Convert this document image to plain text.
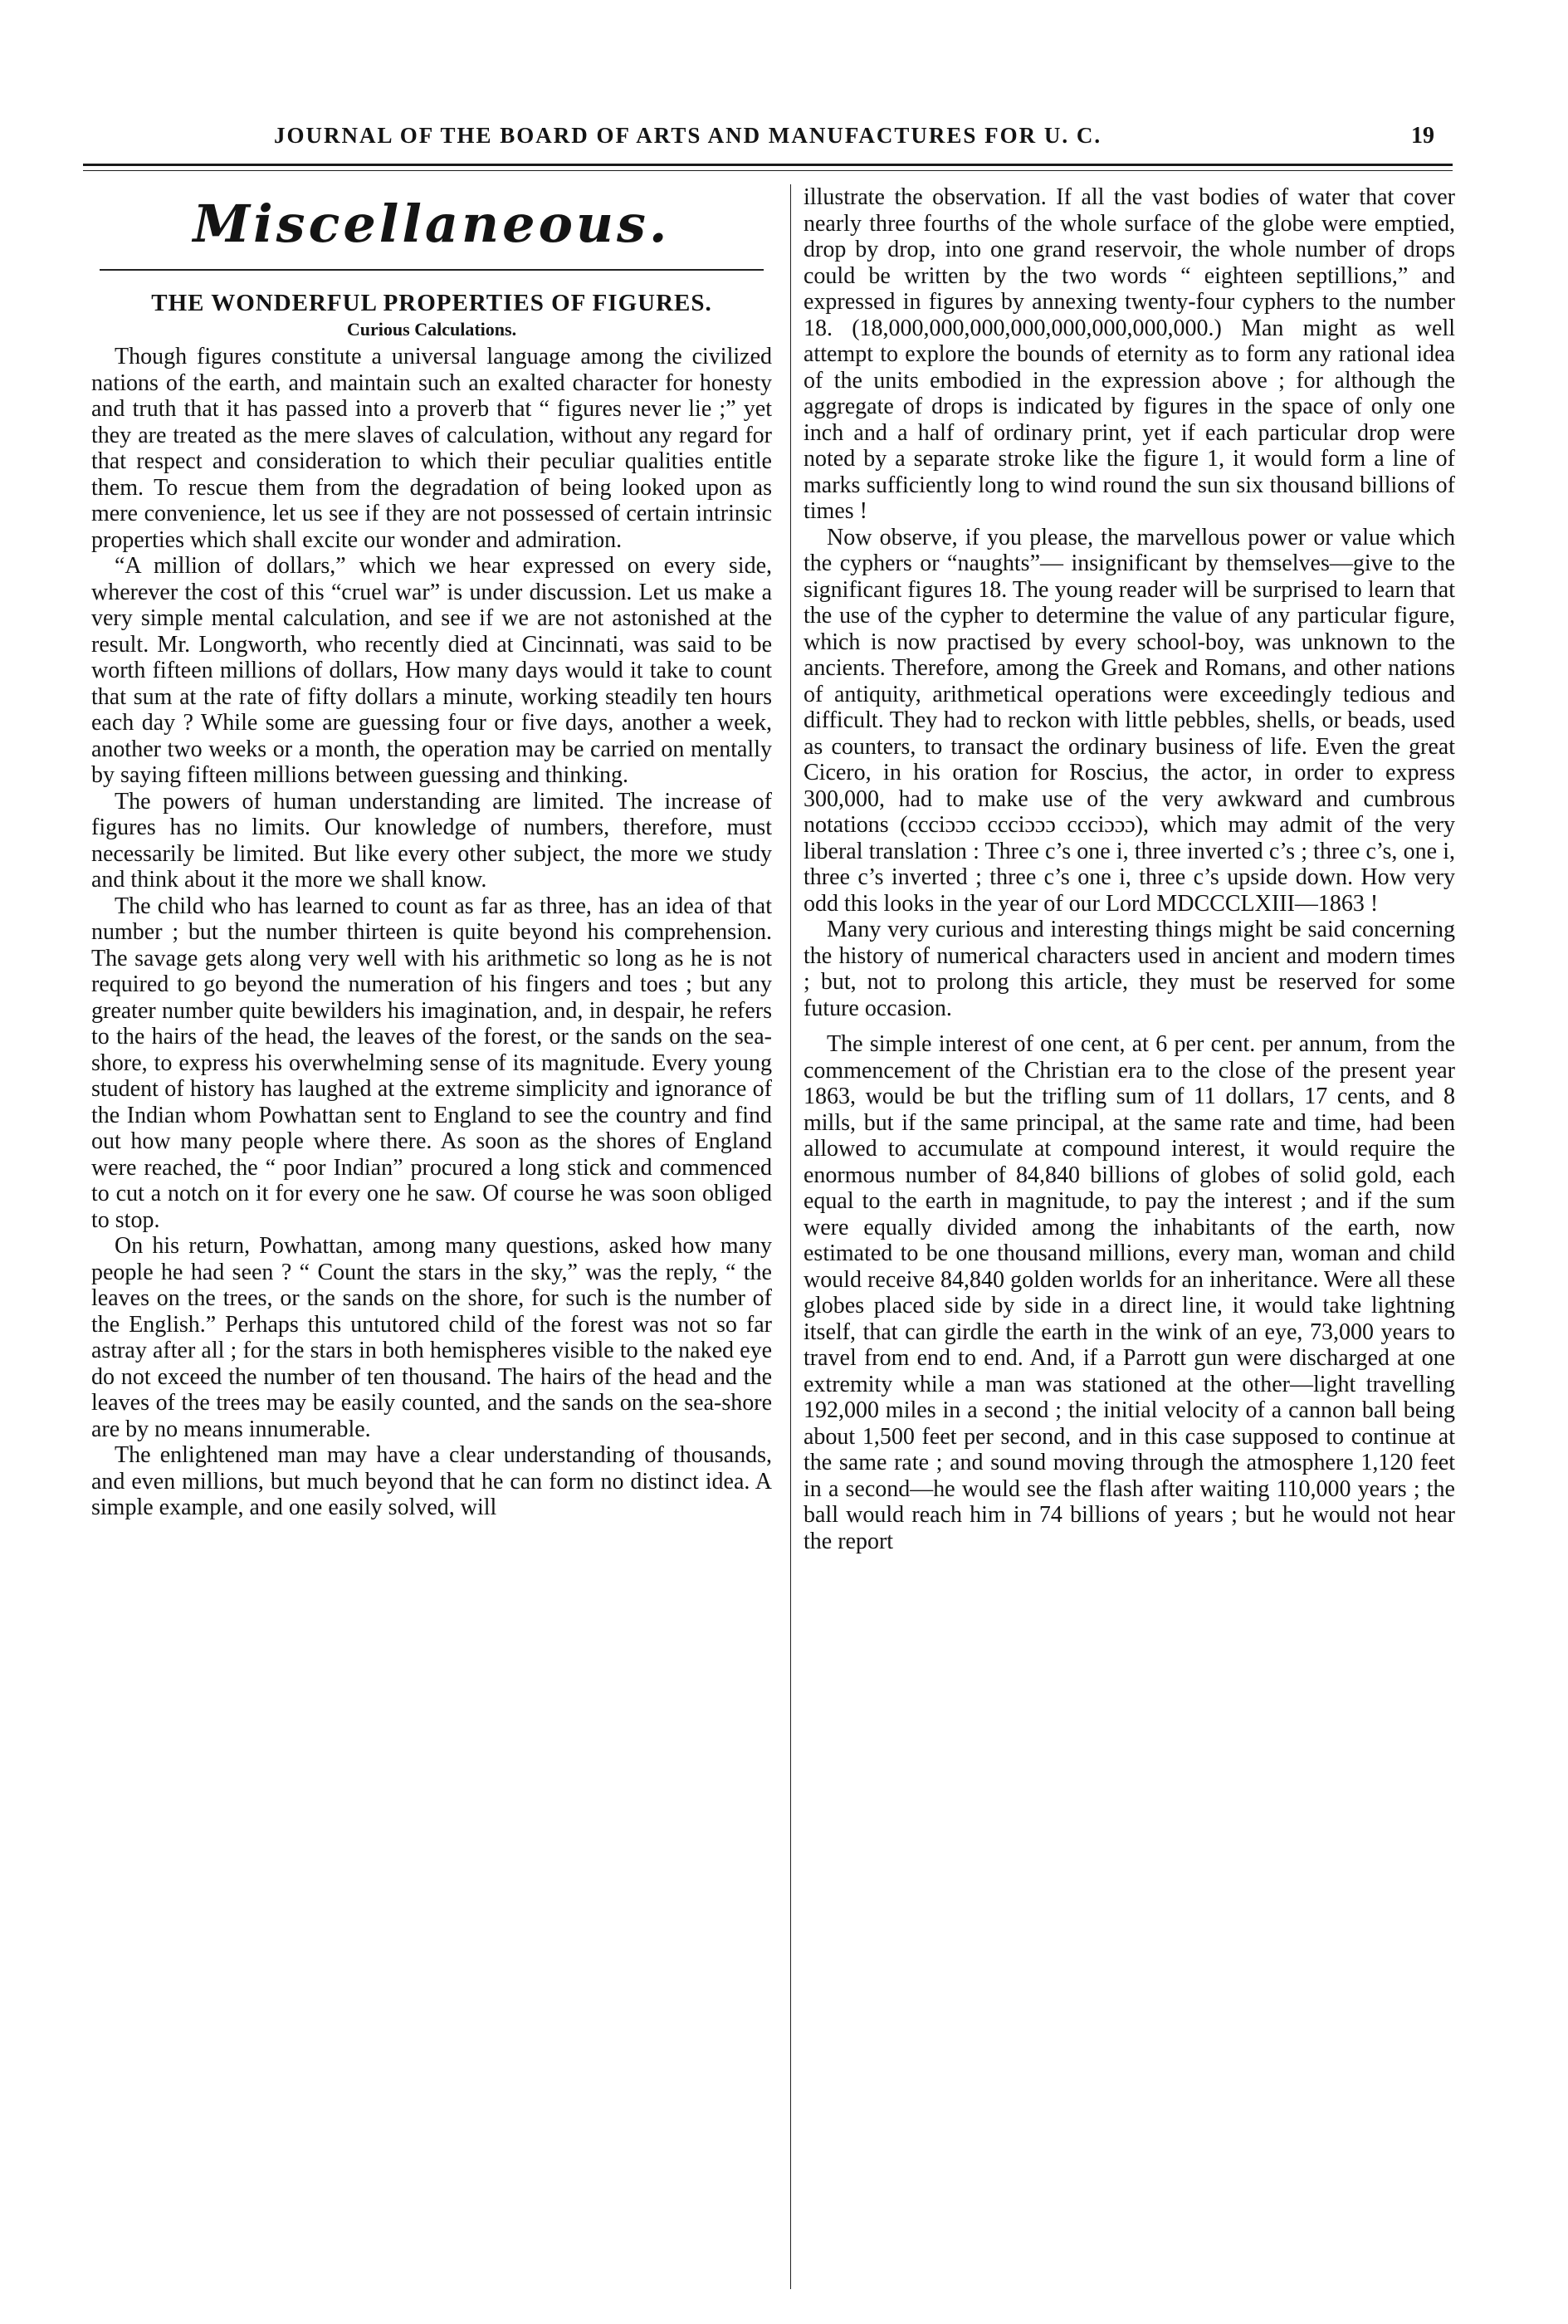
JOURNAL OF THE BOARD OF ARTS AND MANUFACTURES FOR U. C.	19
Miscellaneous.
THE WONDERFUL PROPERTIES OF FIGURES.
Curious Calculations.

Though figures constitute a universal language among the civilized nations of the earth, and maintain such an exalted character for honesty and truth that it has passed into a proverb that “ figures never lie ;” yet they are treated as the mere slaves of calculation, without any regard for that respect and consideration to which their peculiar qualities entitle them. To rescue them from the degradation of being looked upon as mere convenience, let us see if they are not possessed of certain intrinsic properties which shall excite our wonder and admiration.

“A million of dollars,” which we hear expressed on every side, wherever the cost of this “cruel war” is under discussion. Let us make a very simple mental calculation, and see if we are not astonished at the result. Mr. Longworth, who recently died at Cincinnati, was said to be worth fifteen millions of dollars, How many days would it take to count that sum at the rate of fifty dollars a minute, working steadily ten hours each day ? While some are guessing four or five days, another a week, another two weeks or a month, the operation may be carried on mentally by saying fifteen millions between guessing and thinking.

The powers of human understanding are limited. The increase of figures has no limits. Our knowledge of numbers, therefore, must necessarily be limited. But like every other subject, the more we study and think about it the more we shall know.

The child who has learned to count as far as three, has an idea of that number ; but the number thirteen is quite beyond his comprehension. The savage gets along very well with his arithmetic so long as he is not required to go beyond the numeration of his fingers and toes ; but any greater number quite bewilders his imagination, and, in despair, he refers to the hairs of the head, the leaves of the forest, or the sands on the sea-shore, to express his overwhelming sense of its magnitude. Every young student of history has laughed at the extreme simplicity and ignorance of the Indian whom Powhattan sent to England to see the country and find out how many people where there. As soon as the shores of England were reached, the “ poor Indian” procured a long stick and commenced to cut a notch on it for every one he saw. Of course he was soon obliged to stop.

On his return, Powhattan, among many questions, asked how many people he had seen ? “ Count the stars in the sky,” was the reply, “ the leaves on the trees, or the sands on the shore, for such is the number of the English.” Perhaps this untutored child of the forest was not so far astray after all ; for the stars in both hemispheres visible to the naked eye do not exceed the number of ten thousand. The hairs of the head and the leaves of the trees may be easily counted, and the sands on the sea-shore are by no means innumerable.

The enlightened man may have a clear understanding of thousands, and even millions, but much beyond that he can form no distinct idea. A simple example, and one easily solved, will

illustrate the observation. If all the vast bodies of water that cover nearly three fourths of the whole surface of the globe were emptied, drop by drop, into one grand reservoir, the whole number of drops could be written by the two words “ eighteen septillions,” and expressed in figures by annexing twenty-four cyphers to the number 18. (18,000,000,000,000,000,000,000,000.) Man might as well attempt to explore the bounds of eternity as to form any rational idea of the units embodied in the expression above ; for although the aggregate of drops is indicated by figures in the space of only one inch and a half of ordinary print, yet if each particular drop were noted by a separate stroke like the figure 1, it would form a line of marks sufficiently long to wind round the sun six thousand billions of times !

Now observe, if you please, the marvellous power or value which the cyphers or “naughts”— insignificant by themselves—give to the significant figures 18. The young reader will be surprised to learn that the use of the cypher to determine the value of any particular figure, which is now practised by every school-boy, was unknown to the ancients. Therefore, among the Greek and Romans, and other nations of antiquity, arithmetical operations were exceedingly tedious and difficult. They had to reckon with little pebbles, shells, or beads, used as counters, to transact the ordinary business of life. Even the great Cicero, in his oration for Roscius, the actor, in order to express 300,000, had to make use of the very awkward and cumbrous notations (ccciɔɔɔ ccciɔɔɔ ccciɔɔɔ), which may admit of the very liberal translation : Three c’s one i, three inverted c’s ; three c’s, one i, three c’s inverted ; three c’s one i, three c’s upside down. How very odd this looks in the year of our Lord MDCCCLXIII—1863 !

Many very curious and interesting things might be said concerning the history of numerical characters used in ancient and modern times ; but, not to prolong this article, they must be reserved for some future occasion.

The simple interest of one cent, at 6 per cent. per annum, from the commencement of the Christian era to the close of the present year 1863, would be but the trifling sum of 11 dollars, 17 cents, and 8 mills, but if the same principal, at the same rate and time, had been allowed to accumulate at compound interest, it would require the enormous number of 84,840 billions of globes of solid gold, each equal to the earth in magnitude, to pay the interest ; and if the sum were equally divided among the inhabitants of the earth, now estimated to be one thousand millions, every man, woman and child would receive 84,840 golden worlds for an inheritance. Were all these globes placed side by side in a direct line, it would take lightning itself, that can girdle the earth in the wink of an eye, 73,000 years to travel from end to end. And, if a Parrott gun were discharged at one extremity while a man was stationed at the other—light travelling 192,000 miles in a second ; the initial velocity of a cannon ball being about 1,500 feet per second, and in this case supposed to continue at the same rate ; and sound moving through the atmosphere 1,120 feet in a second—he would see the flash after waiting 110,000 years ; the ball would reach him in 74 billions of years ; but he would not hear the report
